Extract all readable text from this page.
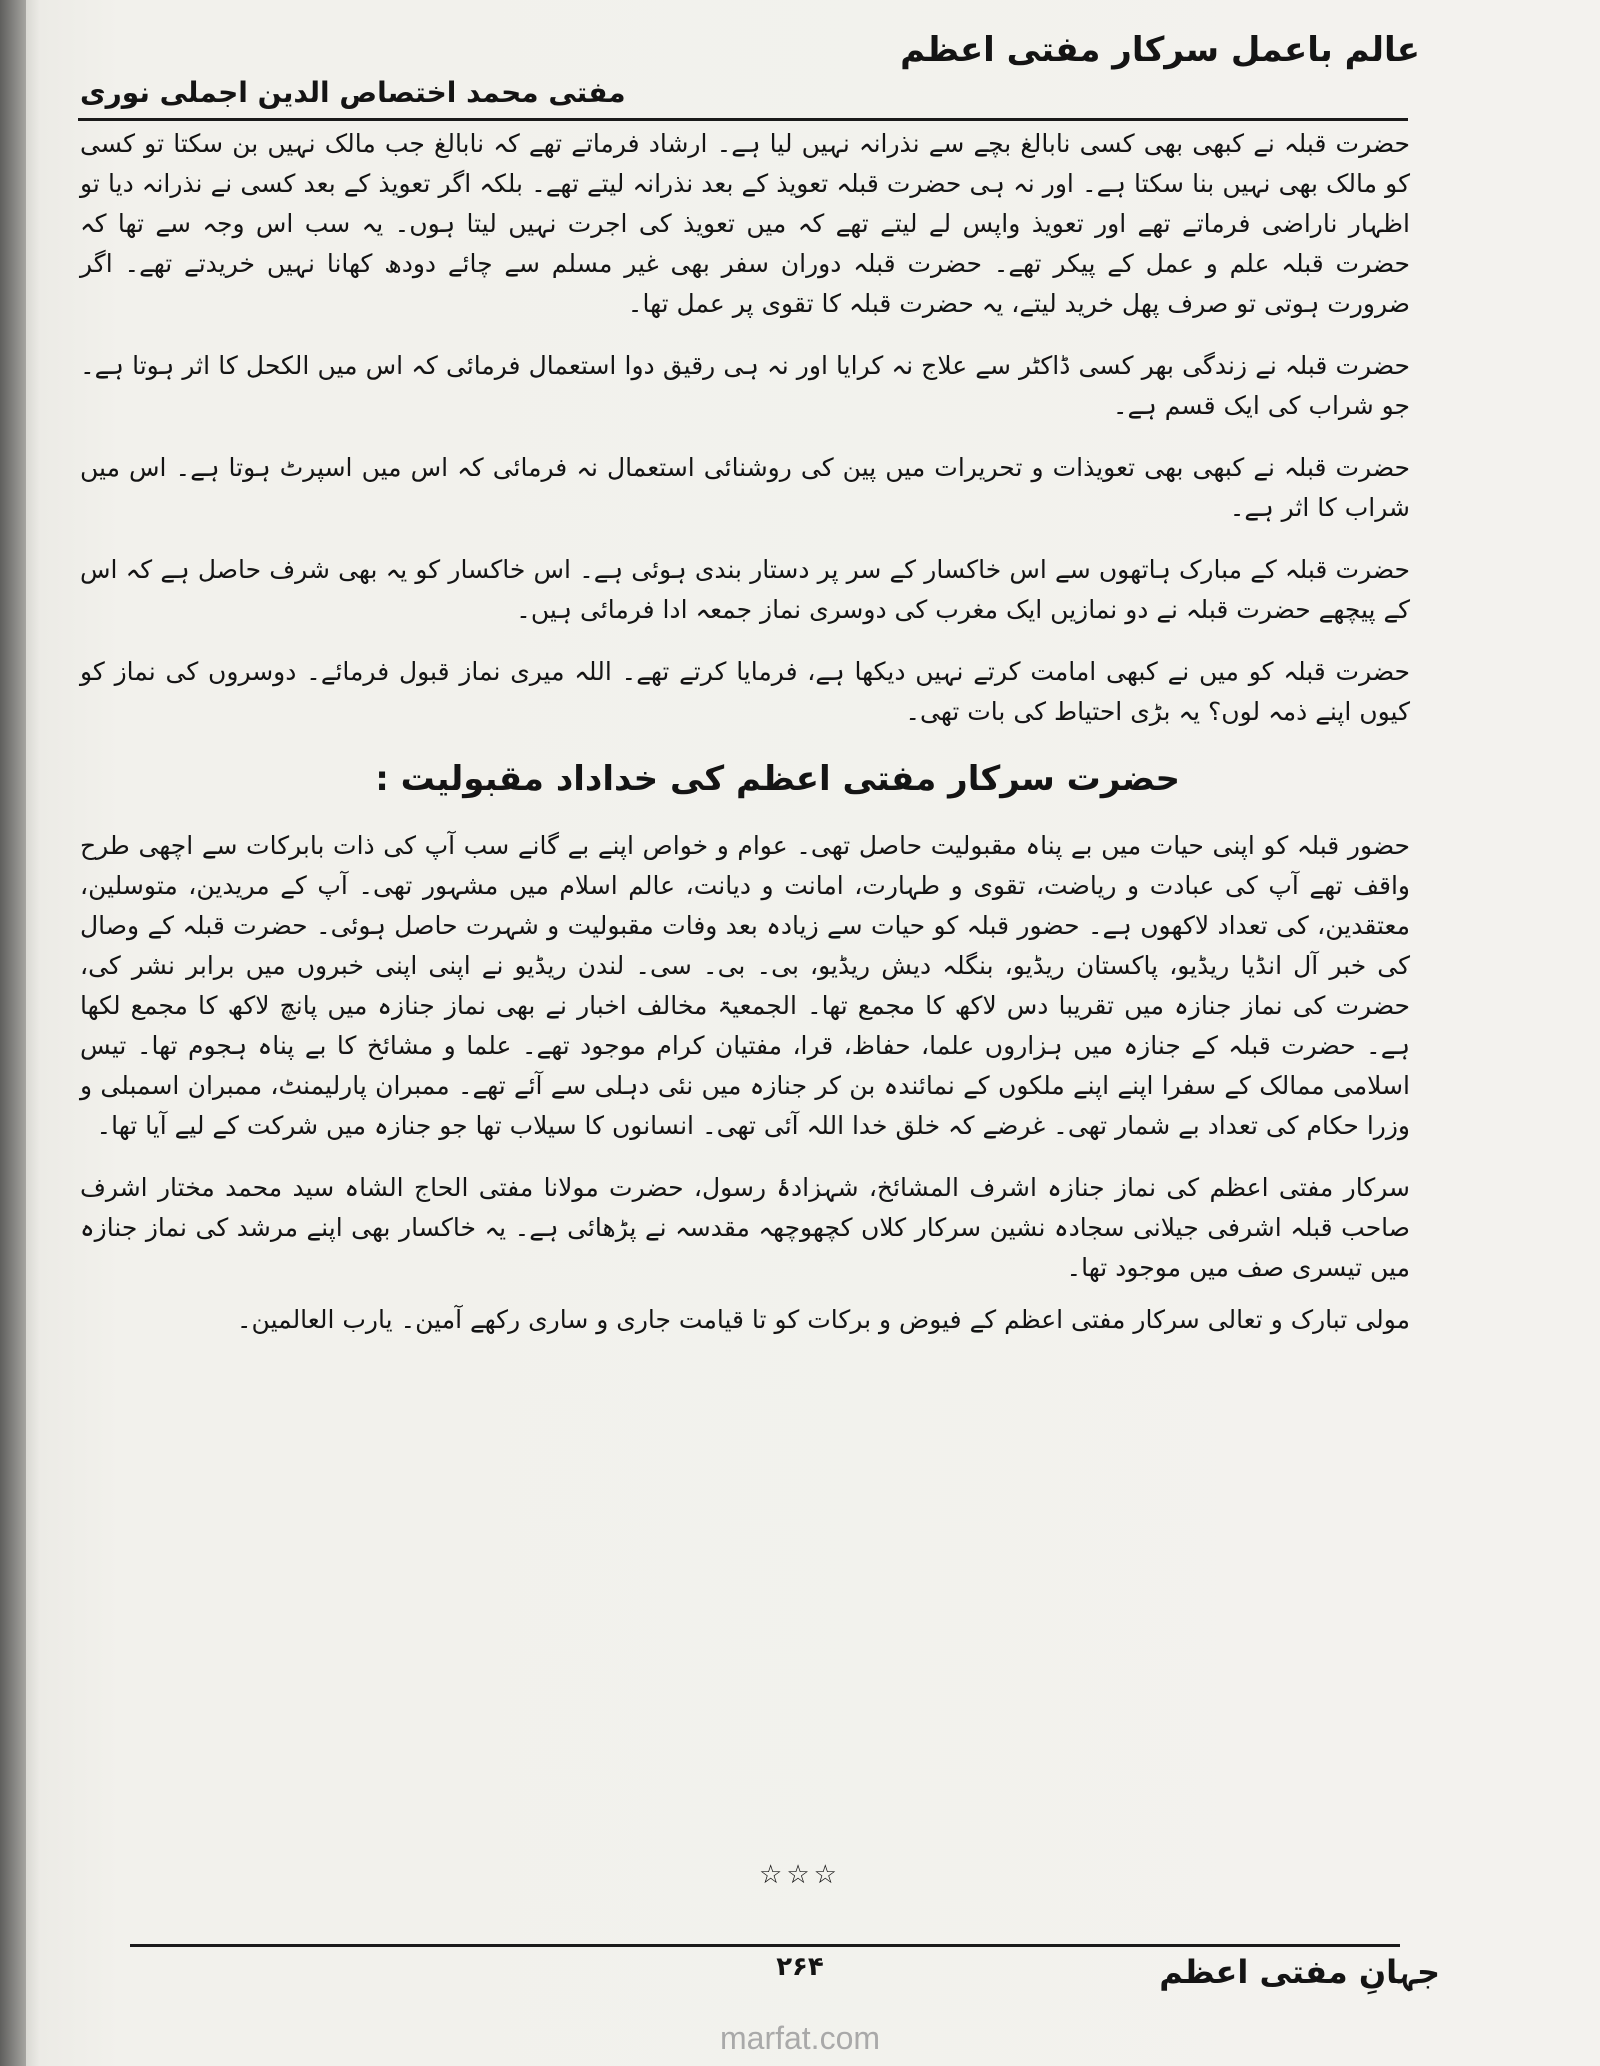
عالم باعمل سرکار مفتی اعظم
مفتی محمد اختصاص الدین اجملی نوری

حضرت قبلہ نے کبھی بھی کسی نابالغ بچے سے نذرانہ نہیں لیا ہے۔ ارشاد فرماتے تھے کہ نابالغ جب مالک نہیں بن سکتا تو کسی کو مالک بھی نہیں بنا سکتا ہے۔ اور نہ ہی حضرت قبلہ تعویذ کے بعد نذرانہ لیتے تھے۔ بلکہ اگر تعویذ کے بعد کسی نے نذرانہ دیا تو اظہار ناراضی فرماتے تھے اور تعویذ واپس لے لیتے تھے کہ میں تعویذ کی اجرت نہیں لیتا ہوں۔ یہ سب اس وجہ سے تھا کہ حضرت قبلہ علم و عمل کے پیکر تھے۔ حضرت قبلہ دوران سفر بھی غیر مسلم سے چائے دودھ کھانا نہیں خریدتے تھے۔ اگر ضرورت ہوتی تو صرف پھل خرید لیتے، یہ حضرت قبلہ کا تقوی پر عمل تھا۔

حضرت قبلہ نے زندگی بھر کسی ڈاکٹر سے علاج نہ کرایا اور نہ ہی رقیق دوا استعمال فرمائی کہ اس میں الکحل کا اثر ہوتا ہے۔ جو شراب کی ایک قسم ہے۔

حضرت قبلہ نے کبھی بھی تعویذات و تحریرات میں پین کی روشنائی استعمال نہ فرمائی کہ اس میں اسپرٹ ہوتا ہے۔ اس میں شراب کا اثر ہے۔

حضرت قبلہ کے مبارک ہاتھوں سے اس خاکسار کے سر پر دستار بندی ہوئی ہے۔ اس خاکسار کو یہ بھی شرف حاصل ہے کہ اس کے پیچھے حضرت قبلہ نے دو نمازیں ایک مغرب کی دوسری نماز جمعہ ادا فرمائی ہیں۔

حضرت قبلہ کو میں نے کبھی امامت کرتے نہیں دیکھا ہے، فرمایا کرتے تھے۔ اللہ میری نماز قبول فرمائے۔ دوسروں کی نماز کو کیوں اپنے ذمہ لوں؟ یہ بڑی احتیاط کی بات تھی۔

حضرت سرکار مفتی اعظم کی خداداد مقبولیت :

حضور قبلہ کو اپنی حیات میں بے پناہ مقبولیت حاصل تھی۔ عوام و خواص اپنے بے گانے سب آپ کی ذات بابرکات سے اچھی طرح واقف تھے آپ کی عبادت و ریاضت، تقوی و طہارت، امانت و دیانت، عالم اسلام میں مشہور تھی۔ آپ کے مریدین، متوسلین، معتقدین، کی تعداد لاکھوں ہے۔ حضور قبلہ کو حیات سے زیادہ بعد وفات مقبولیت و شہرت حاصل ہوئی۔ حضرت قبلہ کے وصال کی خبر آل انڈیا ریڈیو، پاکستان ریڈیو، بنگلہ دیش ریڈیو، بی۔ بی۔ سی۔ لندن ریڈیو نے اپنی اپنی خبروں میں برابر نشر کی، حضرت کی نماز جنازہ میں تقریبا دس لاکھ کا مجمع تھا۔ الجمعیۃ مخالف اخبار نے بھی نماز جنازہ میں پانچ لاکھ کا مجمع لکھا ہے۔ حضرت قبلہ کے جنازہ میں ہزاروں علما، حفاظ، قرا، مفتیان کرام موجود تھے۔ علما و مشائخ کا بے پناہ ہجوم تھا۔ تیس اسلامی ممالک کے سفرا اپنے اپنے ملکوں کے نمائندہ بن کر جنازہ میں نئی دہلی سے آئے تھے۔ ممبران پارلیمنٹ، ممبران اسمبلی و وزرا حکام کی تعداد بے شمار تھی۔ غرضے کہ خلق خدا اللہ آئی تھی۔ انسانوں کا سیلاب تھا جو جنازہ میں شرکت کے لیے آیا تھا۔

سرکار مفتی اعظم کی نماز جنازہ اشرف المشائخ، شہزادۂ رسول، حضرت مولانا مفتی الحاج الشاہ سید محمد مختار اشرف صاحب قبلہ اشرفی جیلانی سجادہ نشین سرکار کلاں کچھوچھہ مقدسہ نے پڑھائی ہے۔ یہ خاکسار بھی اپنے مرشد کی نماز جنازہ میں تیسری صف میں موجود تھا۔

مولی تبارک و تعالی سرکار مفتی اعظم کے فیوض و برکات کو تا قیامت جاری و ساری رکھے آمین۔ یارب العالمین۔

☆☆☆
جہانِ مفتی اعظم
۲۶۴
marfat.com
